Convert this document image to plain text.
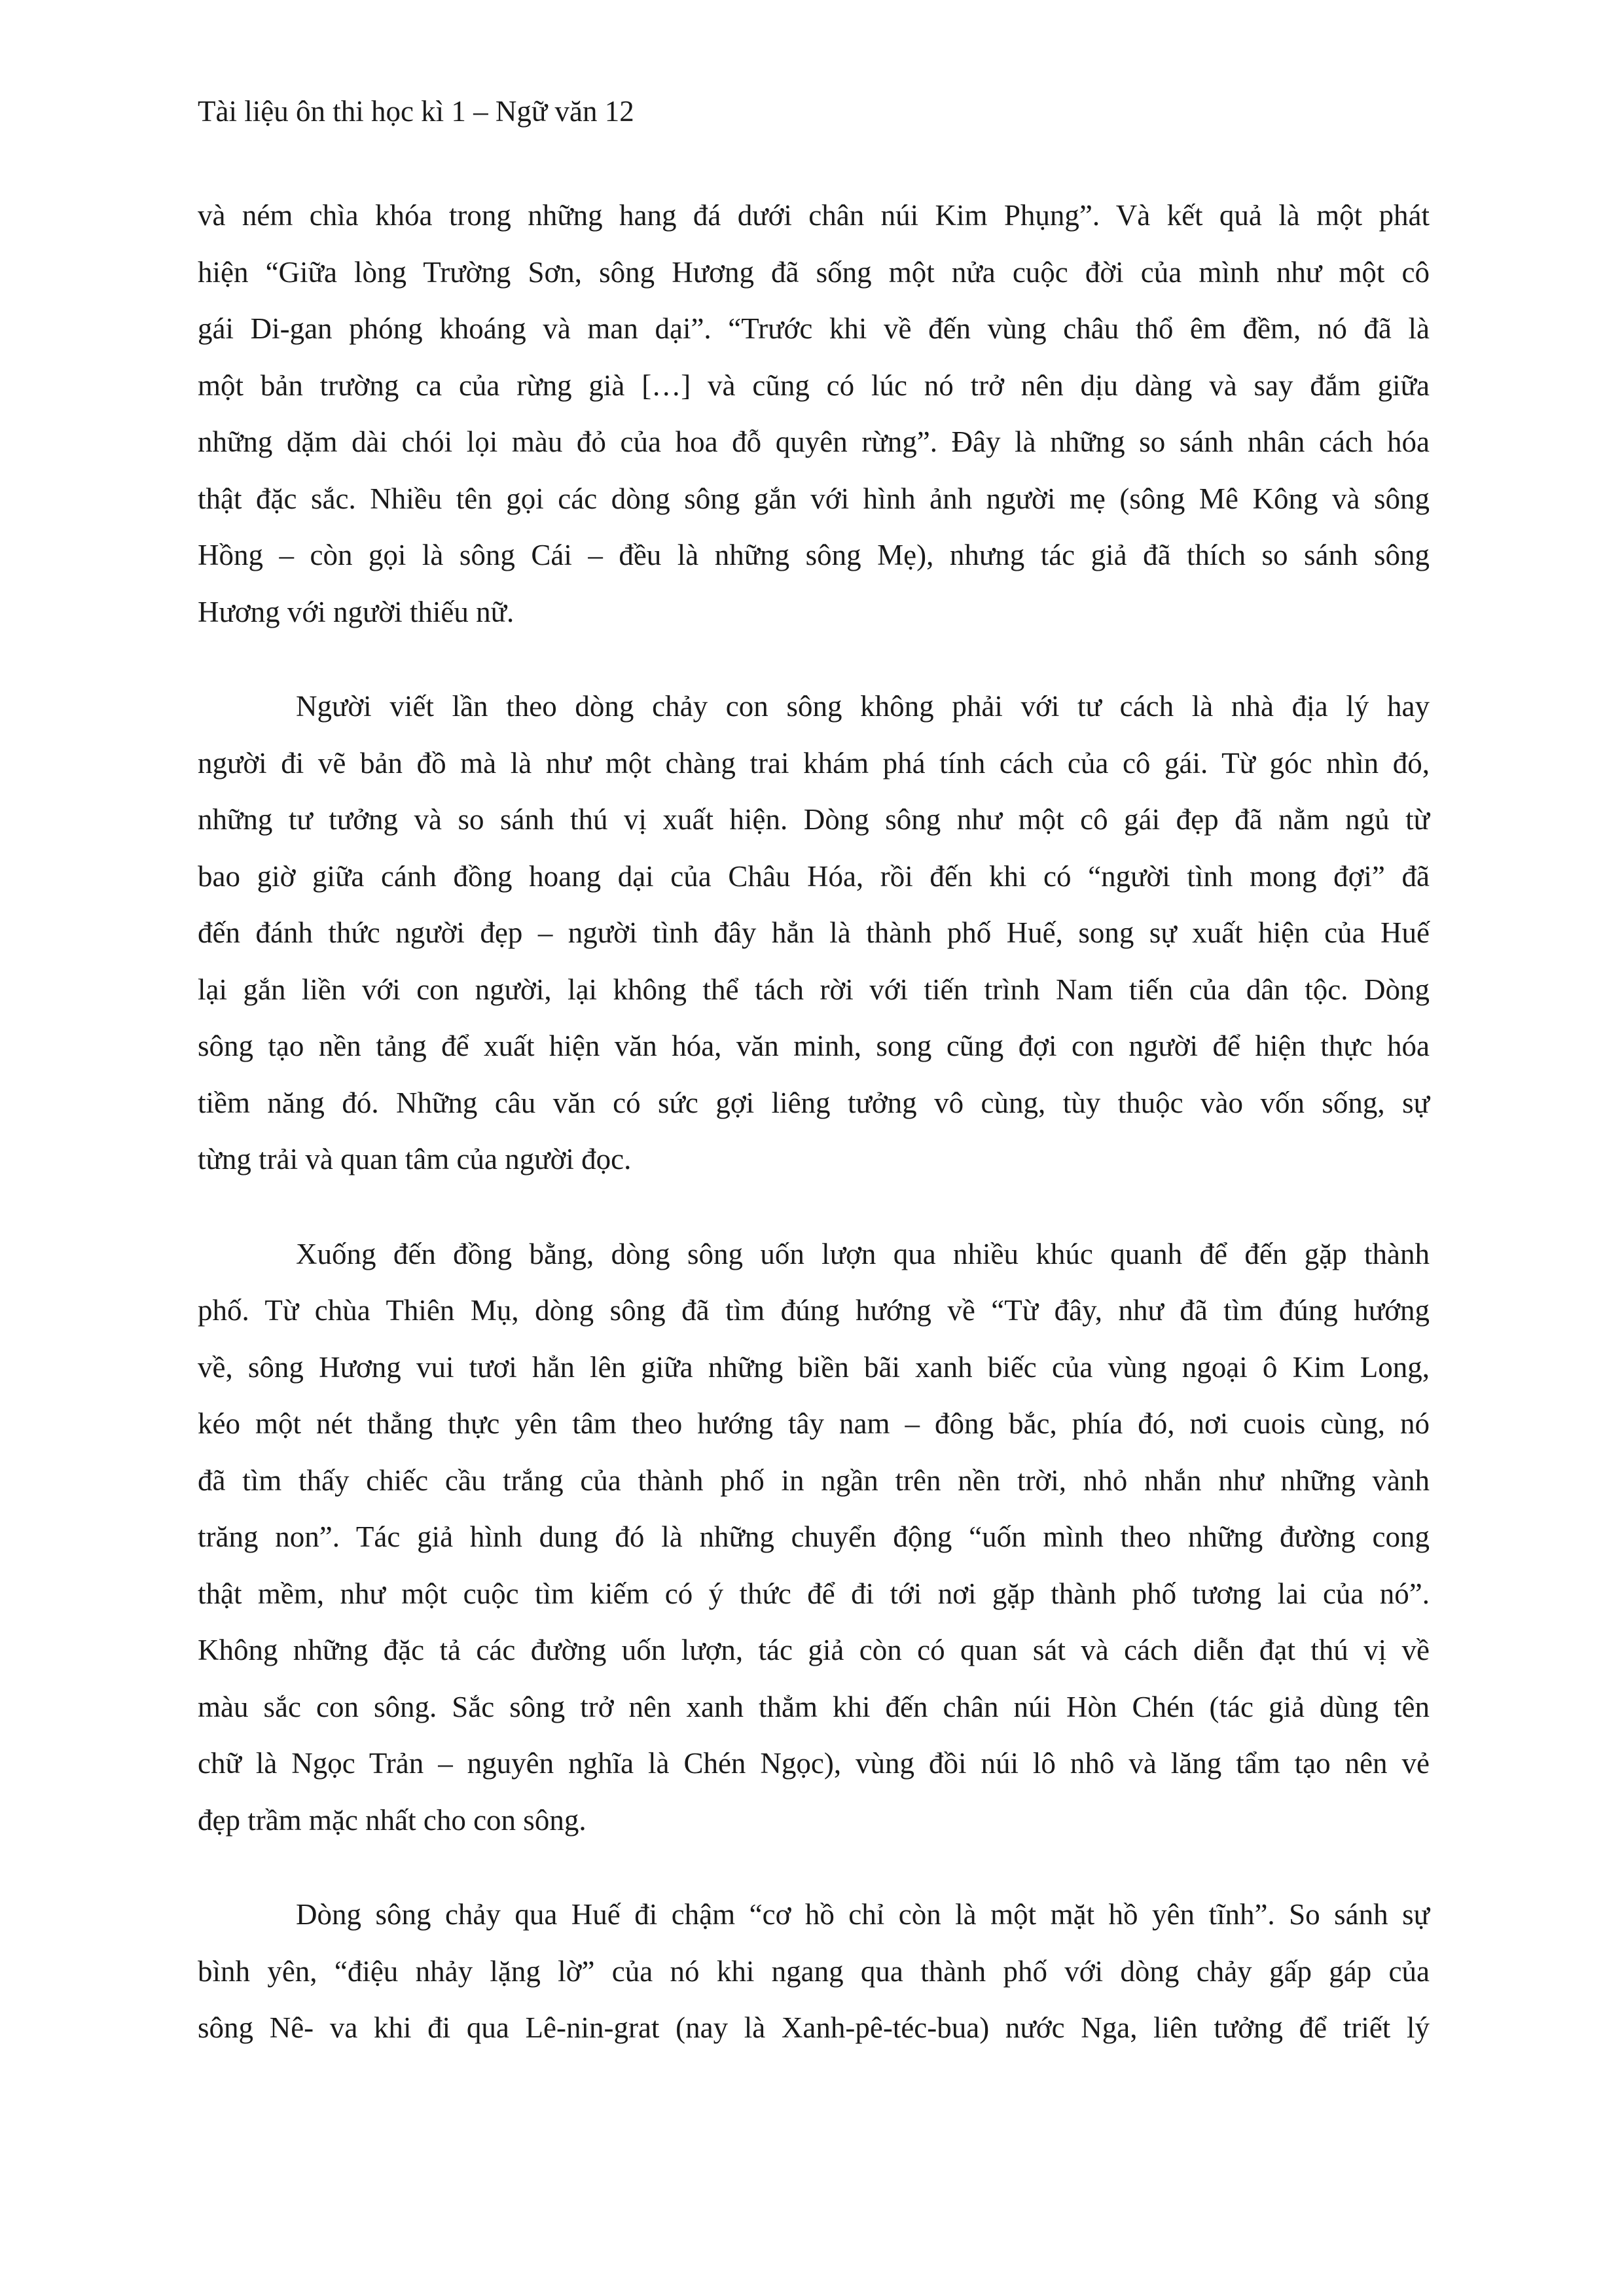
Tài liệu ôn thi học kì 1 – Ngữ văn 12
và ném chìa khóa trong những hang đá dưới chân núi Kim Phụng”. Và kết quả là một phát
hiện “Giữa lòng Trường Sơn, sông Hương đã sống một nửa cuộc đời của mình như một cô
gái Di-gan phóng khoáng và man dại”. “Trước khi về đến vùng châu thổ êm đềm, nó đã là
một bản trường ca của rừng già […] và cũng có lúc nó trở nên dịu dàng và say đắm giữa
những dặm dài chói lọi màu đỏ của hoa đỗ quyên rừng”. Đây là những so sánh nhân cách hóa
thật đặc sắc. Nhiều tên gọi các dòng sông gắn với hình ảnh người mẹ (sông Mê Kông và sông
Hồng – còn gọi là sông Cái – đều là những sông Mẹ), nhưng tác giả đã thích so sánh sông
Hương với người thiếu nữ.
Người viết lần theo dòng chảy con sông không phải với tư cách là nhà địa lý hay
người đi vẽ bản đồ mà là như một chàng trai khám phá tính cách của cô gái. Từ góc nhìn đó,
những tư tưởng và so sánh thú vị xuất hiện. Dòng sông như một cô gái đẹp đã nằm ngủ từ
bao giờ giữa cánh đồng hoang dại của Châu Hóa, rồi đến khi có “người tình mong đợi” đã
đến đánh thức người đẹp – người tình đây hẳn là thành phố Huế, song sự xuất hiện của Huế
lại gắn liền với con người, lại không thể tách rời với tiến trình Nam tiến của dân tộc. Dòng
sông tạo nền tảng để xuất hiện văn hóa, văn minh, song cũng đợi con người để hiện thực hóa
tiềm năng đó. Những câu văn có sức gợi liêng tưởng vô cùng, tùy thuộc vào vốn sống, sự
từng trải và quan tâm của người đọc.
Xuống đến đồng bằng, dòng sông uốn lượn qua nhiều khúc quanh để đến gặp thành
phố. Từ chùa Thiên Mụ, dòng sông đã tìm đúng hướng về “Từ đây, như đã tìm đúng hướng
về, sông Hương vui tươi hẳn lên giữa những biền bãi xanh biếc của vùng ngoại ô Kim Long,
kéo một nét thẳng thực yên tâm theo hướng tây nam – đông bắc, phía đó, nơi cuois cùng, nó
đã tìm thấy chiếc cầu trắng của thành phố in ngần trên nền trời, nhỏ nhắn như những vành
trăng non”. Tác giả hình dung đó là những chuyển động “uốn mình theo những đường cong
thật mềm, như một cuộc tìm kiếm có ý thức để đi tới nơi gặp thành phố tương lai của nó”.
Không những đặc tả các đường uốn lượn, tác giả còn có quan sát và cách diễn đạt thú vị về
màu sắc con sông. Sắc sông trở nên xanh thẳm khi đến chân núi Hòn Chén (tác giả dùng tên
chữ là Ngọc Trản – nguyên nghĩa là Chén Ngọc), vùng đồi núi lô nhô và lăng tẩm tạo nên vẻ
đẹp trầm mặc nhất cho con sông.
Dòng sông chảy qua Huế đi chậm “cơ hồ chỉ còn là một mặt hồ yên tĩnh”. So sánh sự
bình yên, “điệu nhảy lặng lờ” của nó khi ngang qua thành phố với dòng chảy gấp gáp của
sông Nê- va khi đi qua Lê-nin-grat (nay là Xanh-pê-téc-bua) nước Nga, liên tưởng để triết lý
